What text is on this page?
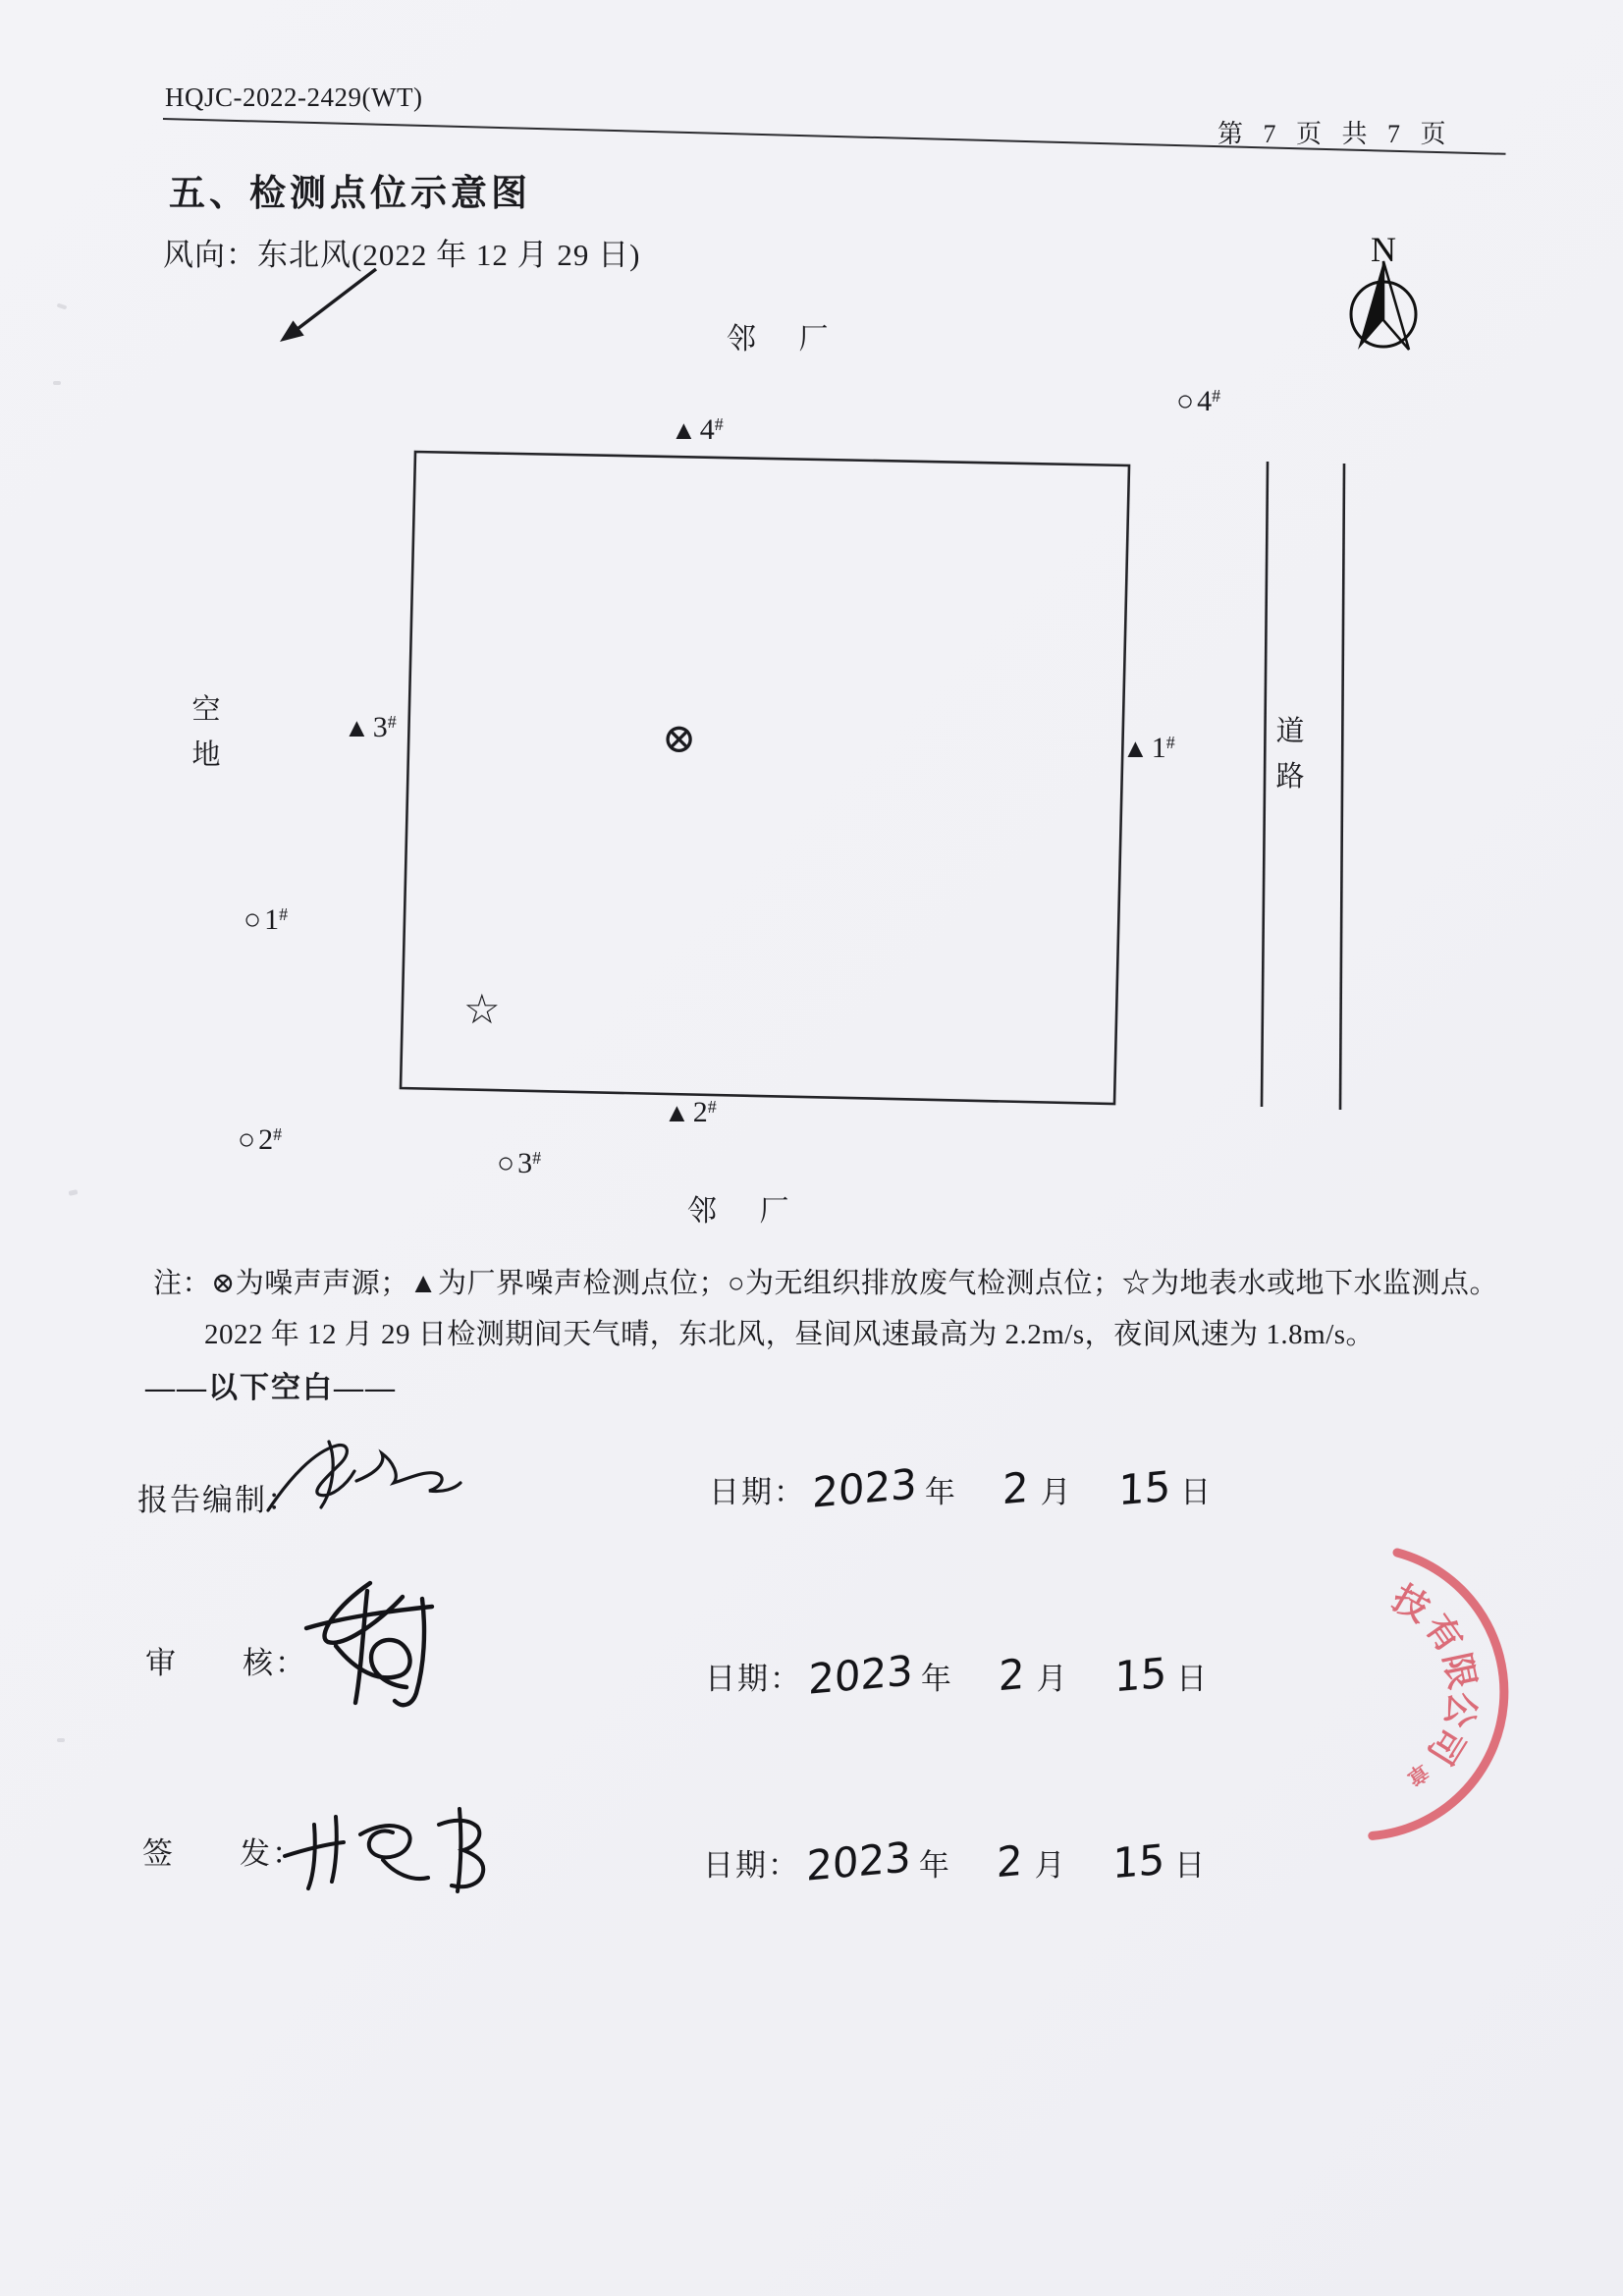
HQJC-2022-2429(WT)
第 7 页 共 7 页
五、检测点位示意图
风向：东北风(2022 年 12 月 29 日)	N
邻 厂
邻 厂
空
地
道
路
▲ 4#
▲ 3#
▲ 1#
▲ 2#
○ 4#
○ 1#
○ 2#
○ 3#
⊗
☆
注：⊗为噪声声源；▲为厂界噪声检测点位；○为无组织排放废气检测点位；☆为地表水或地下水监测点。
2022 年 12 月 29 日检测期间天气晴，东北风，昼间风速最高为 2.2m/s，夜间风速为 1.8m/s。
——以下空白——
报告编制：	日期： 2023 年 2 月 15 日
审　　核：	日期： 2023 年 2 月 15 日
签　　发：	日期： 2023 年 2 月 15 日
技
有
限
公
司
章
